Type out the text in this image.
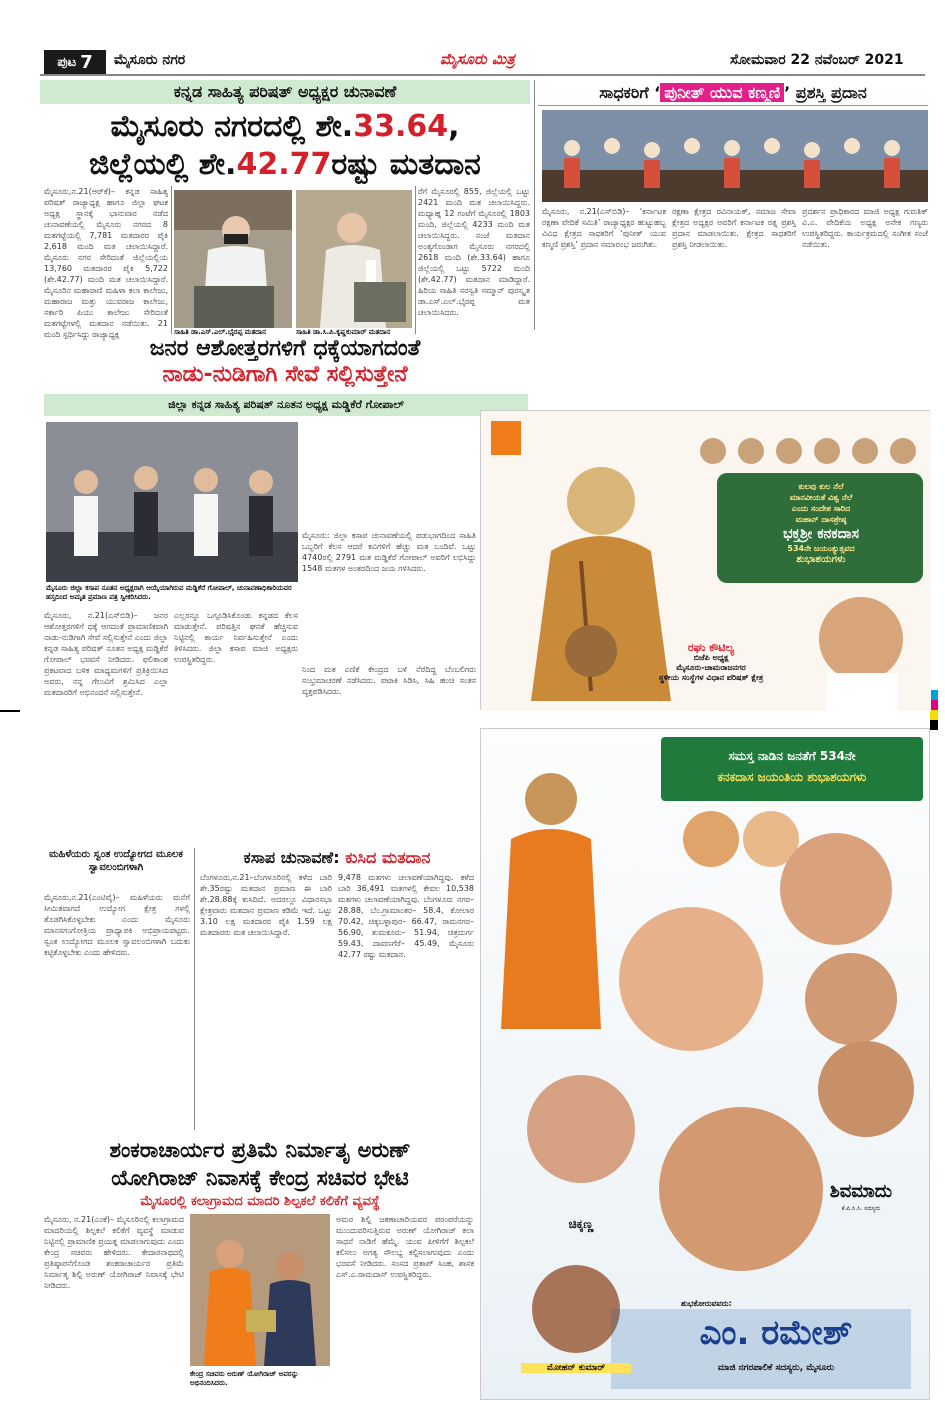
ಪುಟ 7 ಮೈಸೂರು ನಗರ	ಮೈಸೂರು ಮಿತ್ರ	ಸೋಮವಾರ 22 ನವೆಂಬರ್ 2021
ಕನ್ನಡ ಸಾಹಿತ್ಯ ಪರಿಷತ್ ಅಧ್ಯಕ್ಷರ ಚುನಾವಣೆ
ಮೈಸೂರು ನಗರದಲ್ಲಿ ಶೇ.33.64,
ಜಿಲ್ಲೆಯಲ್ಲಿ ಶೇ.42.77ರಷ್ಟು ಮತದಾನ
ಮೈಸೂರು,ನ.21(ಆರ್‌ಕೆ)– ಕನ್ನಡ ಸಾಹಿತ್ಯ ಪರಿಷತ್ ರಾಜ್ಯಾಧ್ಯಕ್ಷ ಹಾಗೂ ಜಿಲ್ಲಾ ಘಟಕ ಅಧ್ಯಕ್ಷ ಸ್ಥಾನಕ್ಕೆ ಭಾನುವಾರ ನಡೆದ ಚುನಾವಣೆಯಲ್ಲಿ ಮೈಸೂರು ನಗರದ 8 ಮತಗಟ್ಟೆಯಲ್ಲಿ 7,781 ಮತದಾರರ ಪೈಕಿ 2,618 ಮಂದಿ ಮತ ಚಲಾಯಿಸಿದ್ದಾರೆ. ಮೈಸೂರು ನಗರ ಸೇರಿದಂತೆ ಜಿಲ್ಲೆಯಲ್ಲಿಯ 13,760 ಮತದಾರರ ಪೈಕಿ 5,722 (ಶೇ.42.77) ಮಂದಿ ಮತ ಚಲಾಯಿಸಿದ್ದಾರೆ. ಮೈಸೂರಿನ ಮಹಾರಾಣಿ ಮಹಿಳಾ ಕಲಾ ಕಾಲೇಜು, ಮಹಾರಾಜ ಮತ್ತು ಯುವರಾಜ ಕಾಲೇಜು, ಸರ್ಕಾರಿ ಪಿಯು ಕಾಲೇಜು ಸೇರಿದಂತೆ ಮತಗಟ್ಟೆಗಳಲ್ಲಿ ಮತದಾನ ನಡೆಯಿತು. 21 ಮಂದಿ ಸ್ಪರ್ಧಿಸಿದ್ದು ರಾಜ್ಯಾಧ್ಯಕ್ಷ	ಸಾಹಿತಿ ಡಾ.ಎಸ್.ಎಲ್.ಭೈರಪ್ಪ ಮತದಾನ	ಸಾಹಿತಿ ಡಾ.ಸಿ.ಪಿ.ಕೃಷ್ಣಕುಮಾರ್ ಮತದಾನ
ರೆಗೆ ಮೈಸೂರಲ್ಲಿ 855, ಜಿಲ್ಲೆಯಲ್ಲಿ ಒಟ್ಟು 2421 ಮಂದಿ ಮತ ಚಲಾಯಿಸಿದ್ದರು. ಮಧ್ಯಾಹ್ನ 12 ಗಂಟೆಗೆ ಮೈಸೂರಲ್ಲಿ 1803 ಮಂದಿ, ಜಿಲ್ಲೆಯಲ್ಲಿ 4233 ಮಂದಿ ಮತ ಚಲಾಯಿಸಿದ್ದರು. ಸಂಜೆ ಮತದಾನ ಅಂತ್ಯಗೊಂಡಾಗ ಮೈಸೂರು ನಗರದಲ್ಲಿ 2618 ಮಂದಿ (ಶೇ.33.64) ಹಾಗೂ ಜಿಲ್ಲೆಯಲ್ಲಿ ಒಟ್ಟು 5722 ಮಂದಿ (ಶೇ.42.77) ಮತದಾನ ಮಾಡಿದ್ದಾರೆ. ಹಿರಿಯ ಸಾಹಿತಿ ಸರಸ್ವತಿ ಸಮ್ಮಾನ್ ಪುರಸ್ಕೃತ ಡಾ.ಎಸ್.ಎಲ್.ಭೈರಪ್ಪ ಮತ ಚಲಾಯಿಸಿದರು.
ಸಾಧಕರಿಗೆ ‘ ಪುನೀತ್ ಯುವ ಕಣ್ಮಣಿ ’ ಪ್ರಶಸ್ತಿ ಪ್ರದಾನ
ಮೈಸೂರು, ನ.21(ಎಸ್‌ಬಿಡಿ)– ‘ಕರ್ನಾಟಕ ರಕ್ಷಣಾ ವೇದಿಕೆ ಸಮಿತಿ’ ರಾಜ್ಯಾಧ್ಯಕ್ಷರ ಹುಟ್ಟುಹಬ್ಬ ವಿವಿಧ ಕ್ಷೇತ್ರದ ಸಾಧಕರಿಗೆ ‘ಪುನೀತ್ ಯುವ ಕಣ್ಮಣಿ ಪ್ರಶಸ್ತಿ’ ಪ್ರದಾನ ಸಮಾರಂಭ ಜರುಗಿತು.
ರಕ್ಷಣಾ ಕ್ಷೇತ್ರದ ರವಿನಾಯಕ್, ಸಮಾಜ ಸೇವಾ ಕ್ಷೇತ್ರದ ಅಧ್ಯಕ್ಷರ ಅವರಿಗೆ ಕರ್ನಾಟಕ ರತ್ನ ಪ್ರಶಸ್ತಿ ಪ್ರದಾನ ಮಾಡಲಾಯಿತು. ಕ್ಷೇತ್ರದ ಸಾಧಕರಿಗೆ ಪ್ರಶಸ್ತಿ ನೀಡಲಾಯಿತು.
ಪ್ರದರ್ಶನ ಪ್ರಾಧಿಕಾರದ ಮಾಜಿ ಅಧ್ಯಕ್ಷ ಗುರುಶಿಕ್ ವಿ.ಎ. ವೇದಿಕೆಯ ಅಧ್ಯಕ್ಷ ಅನೇಕ ಗಣ್ಯರು ಉಪಸ್ಥಿತರಿದ್ದರು. ಕಾರ್ಯಕ್ರಮದಲ್ಲಿ ಸಂಗೀತ ಸಂಜೆ ನಡೆಯಿತು.
ಜನರ ಆಶೋತ್ತರಗಳಿಗೆ ಧಕ್ಕೆಯಾಗದಂತೆ
ನಾಡು-ನುಡಿಗಾಗಿ ಸೇವೆ ಸಲ್ಲಿಸುತ್ತೇನೆ
ಜಿಲ್ಲಾ ಕನ್ನಡ ಸಾಹಿತ್ಯ ಪರಿಷತ್ ನೂತನ ಅಧ್ಯಕ್ಷ ಮಡ್ಡಿಕೆರೆ ಗೋಪಾಲ್
ಮೈಸೂರು ಜಿಲ್ಲಾ ಕಸಾಪ ನೂತನ ಅಧ್ಯಕ್ಷರಾಗಿ ಆಯ್ಕೆಯಾಗಿರುವ ಮಡ್ಡಿಕೆರೆ ಗೋಪಾಲ್, ಚುನಾವಣಾಧಿಕಾರಿಯವರ ಹಸ್ತದಿಂದ ಅಮೃತ ಪ್ರಮಾಣ ಪತ್ರ ಸ್ವೀಕರಿಸಿದರು.
ಮೈಸೂರು: ಜಿಲ್ಲಾ ಕಸಾಪ ಚುನಾವಣೆಯಲ್ಲಿ ಪಡುಭಾಗದಿಂದ ಸಾಹಿತಿ ಒಬ್ಬರಿಗೆ ಕೆಲಸ ಆದರೆ ಕವಿಗಳಿಗೆ ಹೆಚ್ಚು ಮತ ಬಂದಿವೆ. ಒಟ್ಟು 4740ರಲ್ಲಿ 2791 ಮತ ಮಡ್ಡಿಕೆರೆ ಗೋಪಾಲ್ ಅವರಿಗೆ ಲಭಿಸಿದ್ದು 1548 ಮತಗಳ ಅಂತರದಿಂದ ಜಯ ಗಳಿಸಿದರು.
ಮೈಸೂರು, ನ.21(ಎಸ್‌ಬಿಡಿ)– ಜನರ ಆಶೋತ್ತರಗಳಿಗೆ ಧಕ್ಕೆ ಆಗದಂತೆ ಪ್ರಾಮಾಣಿಕವಾಗಿ ನಾಡು-ನುಡಿಗಾಗಿ ಸೇವೆ ಸಲ್ಲಿಸುತ್ತೇನೆ ಎಂದು ಜಿಲ್ಲಾ ಕನ್ನಡ ಸಾಹಿತ್ಯ ಪರಿಷತ್ ನೂತನ ಅಧ್ಯಕ್ಷ ಮಡ್ಡಿಕೆರೆ ಗೋಪಾಲ್ ಭರವಸೆ ನೀಡಿದರು. ಫಲಿತಾಂಶ ಪ್ರಕಟವಾದ ಬಳಿಕ ಮಾಧ್ಯಮಗಳಿಗೆ ಪ್ರತಿಕ್ರಿಯಿಸಿದ ಅವರು, ನನ್ನ ಗೆಲುವಿಗೆ ಶ್ರಮಿಸಿದ ಎಲ್ಲಾ ಮತದಾರರಿಗೆ ಅಭಿನಂದನೆ ಸಲ್ಲಿಸುತ್ತೇನೆ.
ಎಲ್ಲರನ್ನೂ ಒಗ್ಗೂಡಿಸಿಕೊಂಡು ಕನ್ನಡದ ಕೆಲಸ ಮಾಡುತ್ತೇನೆ. ಪರಿಷತ್ತಿನ ಘನತೆ ಹೆಚ್ಚಿಸುವ ನಿಟ್ಟಿನಲ್ಲಿ ಕಾರ್ಯ ನಿರ್ವಹಿಸುತ್ತೇನೆ ಎಂದು ತಿಳಿಸಿದರು. ಜಿಲ್ಲಾ ಕಸಾಪ ಮಾಜಿ ಅಧ್ಯಕ್ಷರು ಉಪಸ್ಥಿತರಿದ್ದರು.
ನಿಂದ ಮತ ಎಣಿಕೆ ಕೇಂದ್ರದ ಬಳಿ ನೆರೆದಿದ್ದ ಬೆಂಬಲಿಗರು ಸಂಭ್ರಮಾಚರಣೆ ನಡೆಸಿದರು. ಪಟಾಕಿ ಸಿಡಿಸಿ, ಸಿಹಿ ಹಂಚಿ ಸಂತಸ ವ್ಯಕ್ತಪಡಿಸಿದರು.
ಕುಲವು ಕುಲ ನೆಲೆ
ಮಾನವೀಯತೆ ವಿಶ್ವ ನೆಲೆ
ಎಂದು ಸಂದೇಶ ಸಾರಿದ
ಮಹಾನ್ ದಾಸಶ್ರೇಷ್ಠ
ಭಕ್ತಶ್ರೀ ಕನಕದಾಸ
534ನೇ ಜಯಂತ್ಯುತ್ಸವದ
ಶುಭಾಶಯಗಳು
ರಘು ಕೌಟಿಲ್ಯ
ಬಿಜೆಪಿ ಅಧ್ಯಕ್ಷ
ಮೈಸೂರು-ಚಾಮರಾಜನಗರ
ಸ್ಥಳೀಯ ಸಂಸ್ಥೆಗಳ ವಿಧಾನ ಪರಿಷತ್ ಕ್ಷೇತ್ರ
ಸಮಸ್ತ ನಾಡಿನ ಜನತೆಗೆ 534ನೇ
ಕನಕದಾಸ ಜಯಂತಿಯ ಶುಭಾಶಯಗಳು
ಚಿಕ್ಕಣ್ಣ
ಶಿವಮಾದು
ಕೆ.ಪಿ.ಸಿ.ಸಿ. ಸದಸ್ಯರು
ಮೋಹನ್ ಕುಮಾರ್
ಶುಭಕೋರುವವರು:
ಎಂ. ರಮೇಶ್
ಮಾಜಿ ನಗರಪಾಲಿಕೆ ಸದಸ್ಯರು, ಮೈಸೂರು
ಮಹಿಳೆಯರು ಸ್ವಂತ ಉದ್ಯೋಗದ ಮೂಲಕ ಸ್ವಾವಲಂಬಿಗಳಾಗಿ
ಮೈಸೂರು,ನ.21(ಎಂಟಿವೈ)– ಮಹಿಳೆಯರು ಮನೆಗೆ ಸೀಮಿತವಾಗದೆ ಉದ್ಯೋಗ ಕ್ಷೇತ್ರ ಗಳಲ್ಲಿ ತೊಡಗಿಸಿಕೊಳ್ಳಬೇಕು ಎಂದು ಮೈಸೂರು ಮಾನಸಗಂಗೋತ್ರಿಯ ಪ್ರಾಧ್ಯಾಪಕಿ ಅಭಿಪ್ರಾಯಪಟ್ಟರು. ಸ್ವಂತ ಉದ್ಯೋಗದ ಮೂಲಕ ಸ್ವಾವಲಂಬಿಗಳಾಗಿ ಬದುಕು ಕಟ್ಟಿಕೊಳ್ಳಬೇಕು ಎಂದು ಹೇಳಿದರು.
ಕಸಾಪ ಚುನಾವಣೆ: ಕುಸಿದ ಮತದಾನ
ಬೆಂಗಳೂರು,ನ.21–ಬೆಂಗಳೂರಿನಲ್ಲಿ ಕಳೆದ ಬಾರಿ ಶೇ.35ರಷ್ಟು ಮತದಾನ ಪ್ರಮಾಣ ಈ ಬಾರಿ ಶೇ.28.88ಕ್ಕೆ ಕುಸಿದಿದೆ. ಅದರಲ್ಲೂ ವಿಧಾನಸಭಾ ಕ್ಷೇತ್ರವಾರು ಮತದಾನ ಪ್ರಮಾಣ ಕಡಿಮೆ ಇದೆ. ಒಟ್ಟು 3.10 ಲಕ್ಷ ಮತದಾರರ ಪೈಕಿ 1.59 ಲಕ್ಷ ಮತದಾರರು ಮತ ಚಲಾಯಿಸಿದ್ದಾರೆ.
9,478 ಮತಗಳು ಚಲಾವಣೆಯಾಗಿದ್ದವು. ಕಳೆದ ಬಾರಿ 36,491 ಮತಗಳಲ್ಲಿ ಕೇವಲ 10,538 ಮತಗಳು ಚಲಾವಣೆಯಾಗಿದ್ದವು. ಬೆಂಗಳೂರು ನಗರ– 28.88, ಬೆಂ.ಗ್ರಾಮಾಂತರ– 58.4, ಕೋಲಾರ 70.42, ಚಿಕ್ಕಬಳ್ಳಾಪುರ– 66.47, ರಾಮನಗರ– 56.90, ತುಮಕೂರು– 51.94, ಚಿತ್ರದುರ್ಗ 59.43, ದಾವಣಗೆರೆ– 45.49, ಮೈಸೂರು 42.77 ರಷ್ಟು ಮತದಾನ.
ಶಂಕರಾಚಾರ್ಯರ ಪ್ರತಿಮೆ ನಿರ್ಮಾತೃ ಅರುಣ್
ಯೋಗಿರಾಜ್ ನಿವಾಸಕ್ಕೆ ಕೇಂದ್ರ ಸಚಿವರ ಭೇಟಿ
ಮೈಸೂರಲ್ಲಿ ಕಲಾಗ್ರಾಮದ ಮಾದರಿ ಶಿಲ್ಪಕಲೆ ಕಲಿಕೆಗೆ ವ್ಯವಸ್ಥೆ
ಮೈಸೂರು, ನ.21(ಎಂಕೆ)– ಮೈಸೂರಿನಲ್ಲಿ ಕಲಾಗ್ರಾಮದ ಮಾದರಿಯಲ್ಲಿ ಶಿಲ್ಪಕಲೆ ಕಲಿಕೆಗೆ ವ್ಯವಸ್ಥೆ ಮಾಡುವ ನಿಟ್ಟಿನಲ್ಲಿ ಪ್ರಾಮಾಣಿಕ ಪ್ರಯತ್ನ ಮಾಡಲಾಗುವುದು ಎಂದು ಕೇಂದ್ರ ಸಚಿವರು ಹೇಳಿದರು. ಕೇದಾರನಾಥದಲ್ಲಿ ಪ್ರತಿಷ್ಠಾಪನೆಗೊಂಡ ಶಂಕರಾಚಾರ್ಯರ ಪ್ರತಿಮೆ ನಿರ್ಮಾತೃ ಶಿಲ್ಪಿ ಅರುಣ್ ಯೋಗಿರಾಜ್ ನಿವಾಸಕ್ಕೆ ಭೇಟಿ ನೀಡಿದರು.
ಕೇಂದ್ರ ಸಚಿವರು ಅರುಣ್ ಯೋಗಿರಾಜ್ ಅವರನ್ನು ಅಭಿನಂದಿಸಿದರು.
ಅಮರ ಶಿಲ್ಪಿ ಜಕಣಾಚಾರಿಯವರ ಪರಂಪರೆಯನ್ನು ಮುಂದುವರಿಸುತ್ತಿರುವ ಅರುಣ್ ಯೋಗಿರಾಜ್ ಕಲಾ ಸಾಧನೆ ನಾಡಿಗೆ ಹೆಮ್ಮೆ. ಯುವ ಪೀಳಿಗೆಗೆ ಶಿಲ್ಪಕಲೆ ಕಲಿಸಲು ಅಗತ್ಯ ಸೌಲಭ್ಯ ಕಲ್ಪಿಸಲಾಗುವುದು ಎಂದು ಭರವಸೆ ನೀಡಿದರು. ಸಂಸದ ಪ್ರತಾಪ್ ಸಿಂಹ, ಶಾಸಕ ಎಸ್.ಎ.ರಾಮದಾಸ್ ಉಪಸ್ಥಿತರಿದ್ದರು.
